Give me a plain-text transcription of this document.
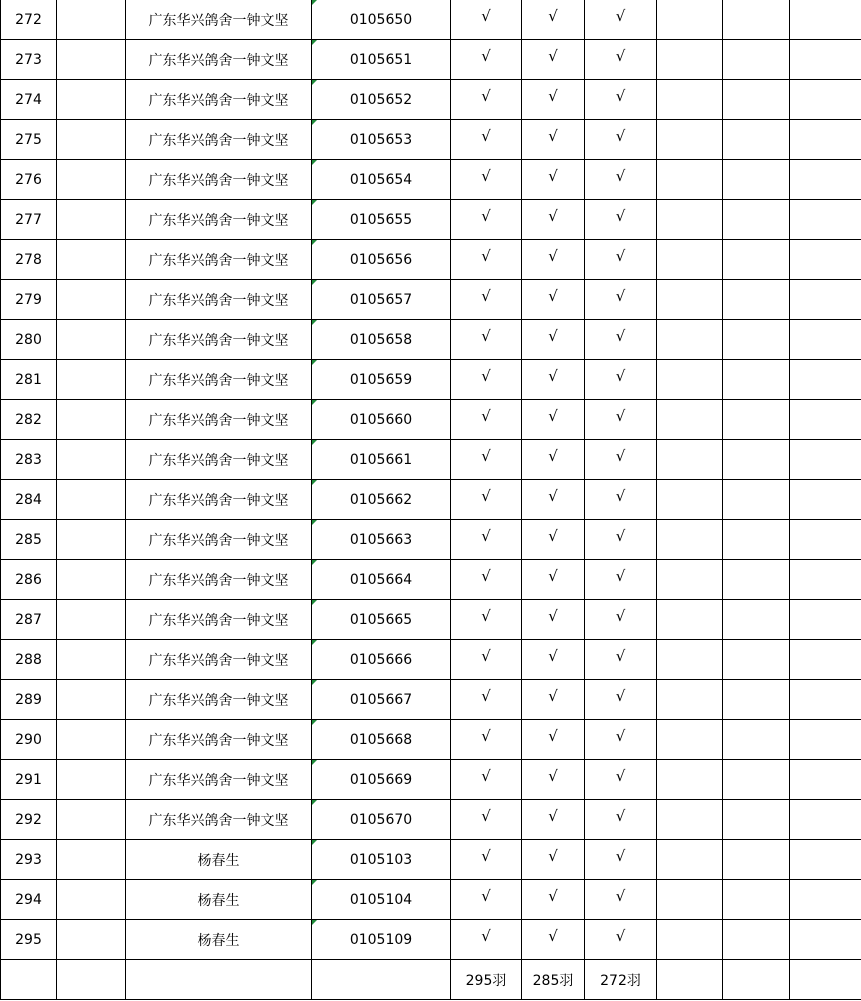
272		广东华兴鸽舍一钟文坚	0105650	√	√	√			
273		广东华兴鸽舍一钟文坚	0105651	√	√	√			
274		广东华兴鸽舍一钟文坚	0105652	√	√	√			
275		广东华兴鸽舍一钟文坚	0105653	√	√	√			
276		广东华兴鸽舍一钟文坚	0105654	√	√	√			
277		广东华兴鸽舍一钟文坚	0105655	√	√	√			
278		广东华兴鸽舍一钟文坚	0105656	√	√	√			
279		广东华兴鸽舍一钟文坚	0105657	√	√	√			
280		广东华兴鸽舍一钟文坚	0105658	√	√	√			
281		广东华兴鸽舍一钟文坚	0105659	√	√	√			
282		广东华兴鸽舍一钟文坚	0105660	√	√	√			
283		广东华兴鸽舍一钟文坚	0105661	√	√	√			
284		广东华兴鸽舍一钟文坚	0105662	√	√	√			
285		广东华兴鸽舍一钟文坚	0105663	√	√	√			
286		广东华兴鸽舍一钟文坚	0105664	√	√	√			
287		广东华兴鸽舍一钟文坚	0105665	√	√	√			
288		广东华兴鸽舍一钟文坚	0105666	√	√	√			
289		广东华兴鸽舍一钟文坚	0105667	√	√	√			
290		广东华兴鸽舍一钟文坚	0105668	√	√	√			
291		广东华兴鸽舍一钟文坚	0105669	√	√	√			
292		广东华兴鸽舍一钟文坚	0105670	√	√	√			
293		杨春生	0105103	√	√	√			
294		杨春生	0105104	√	√	√			
295		杨春生	0105109	√	√	√			
				295羽	285羽	272羽			
